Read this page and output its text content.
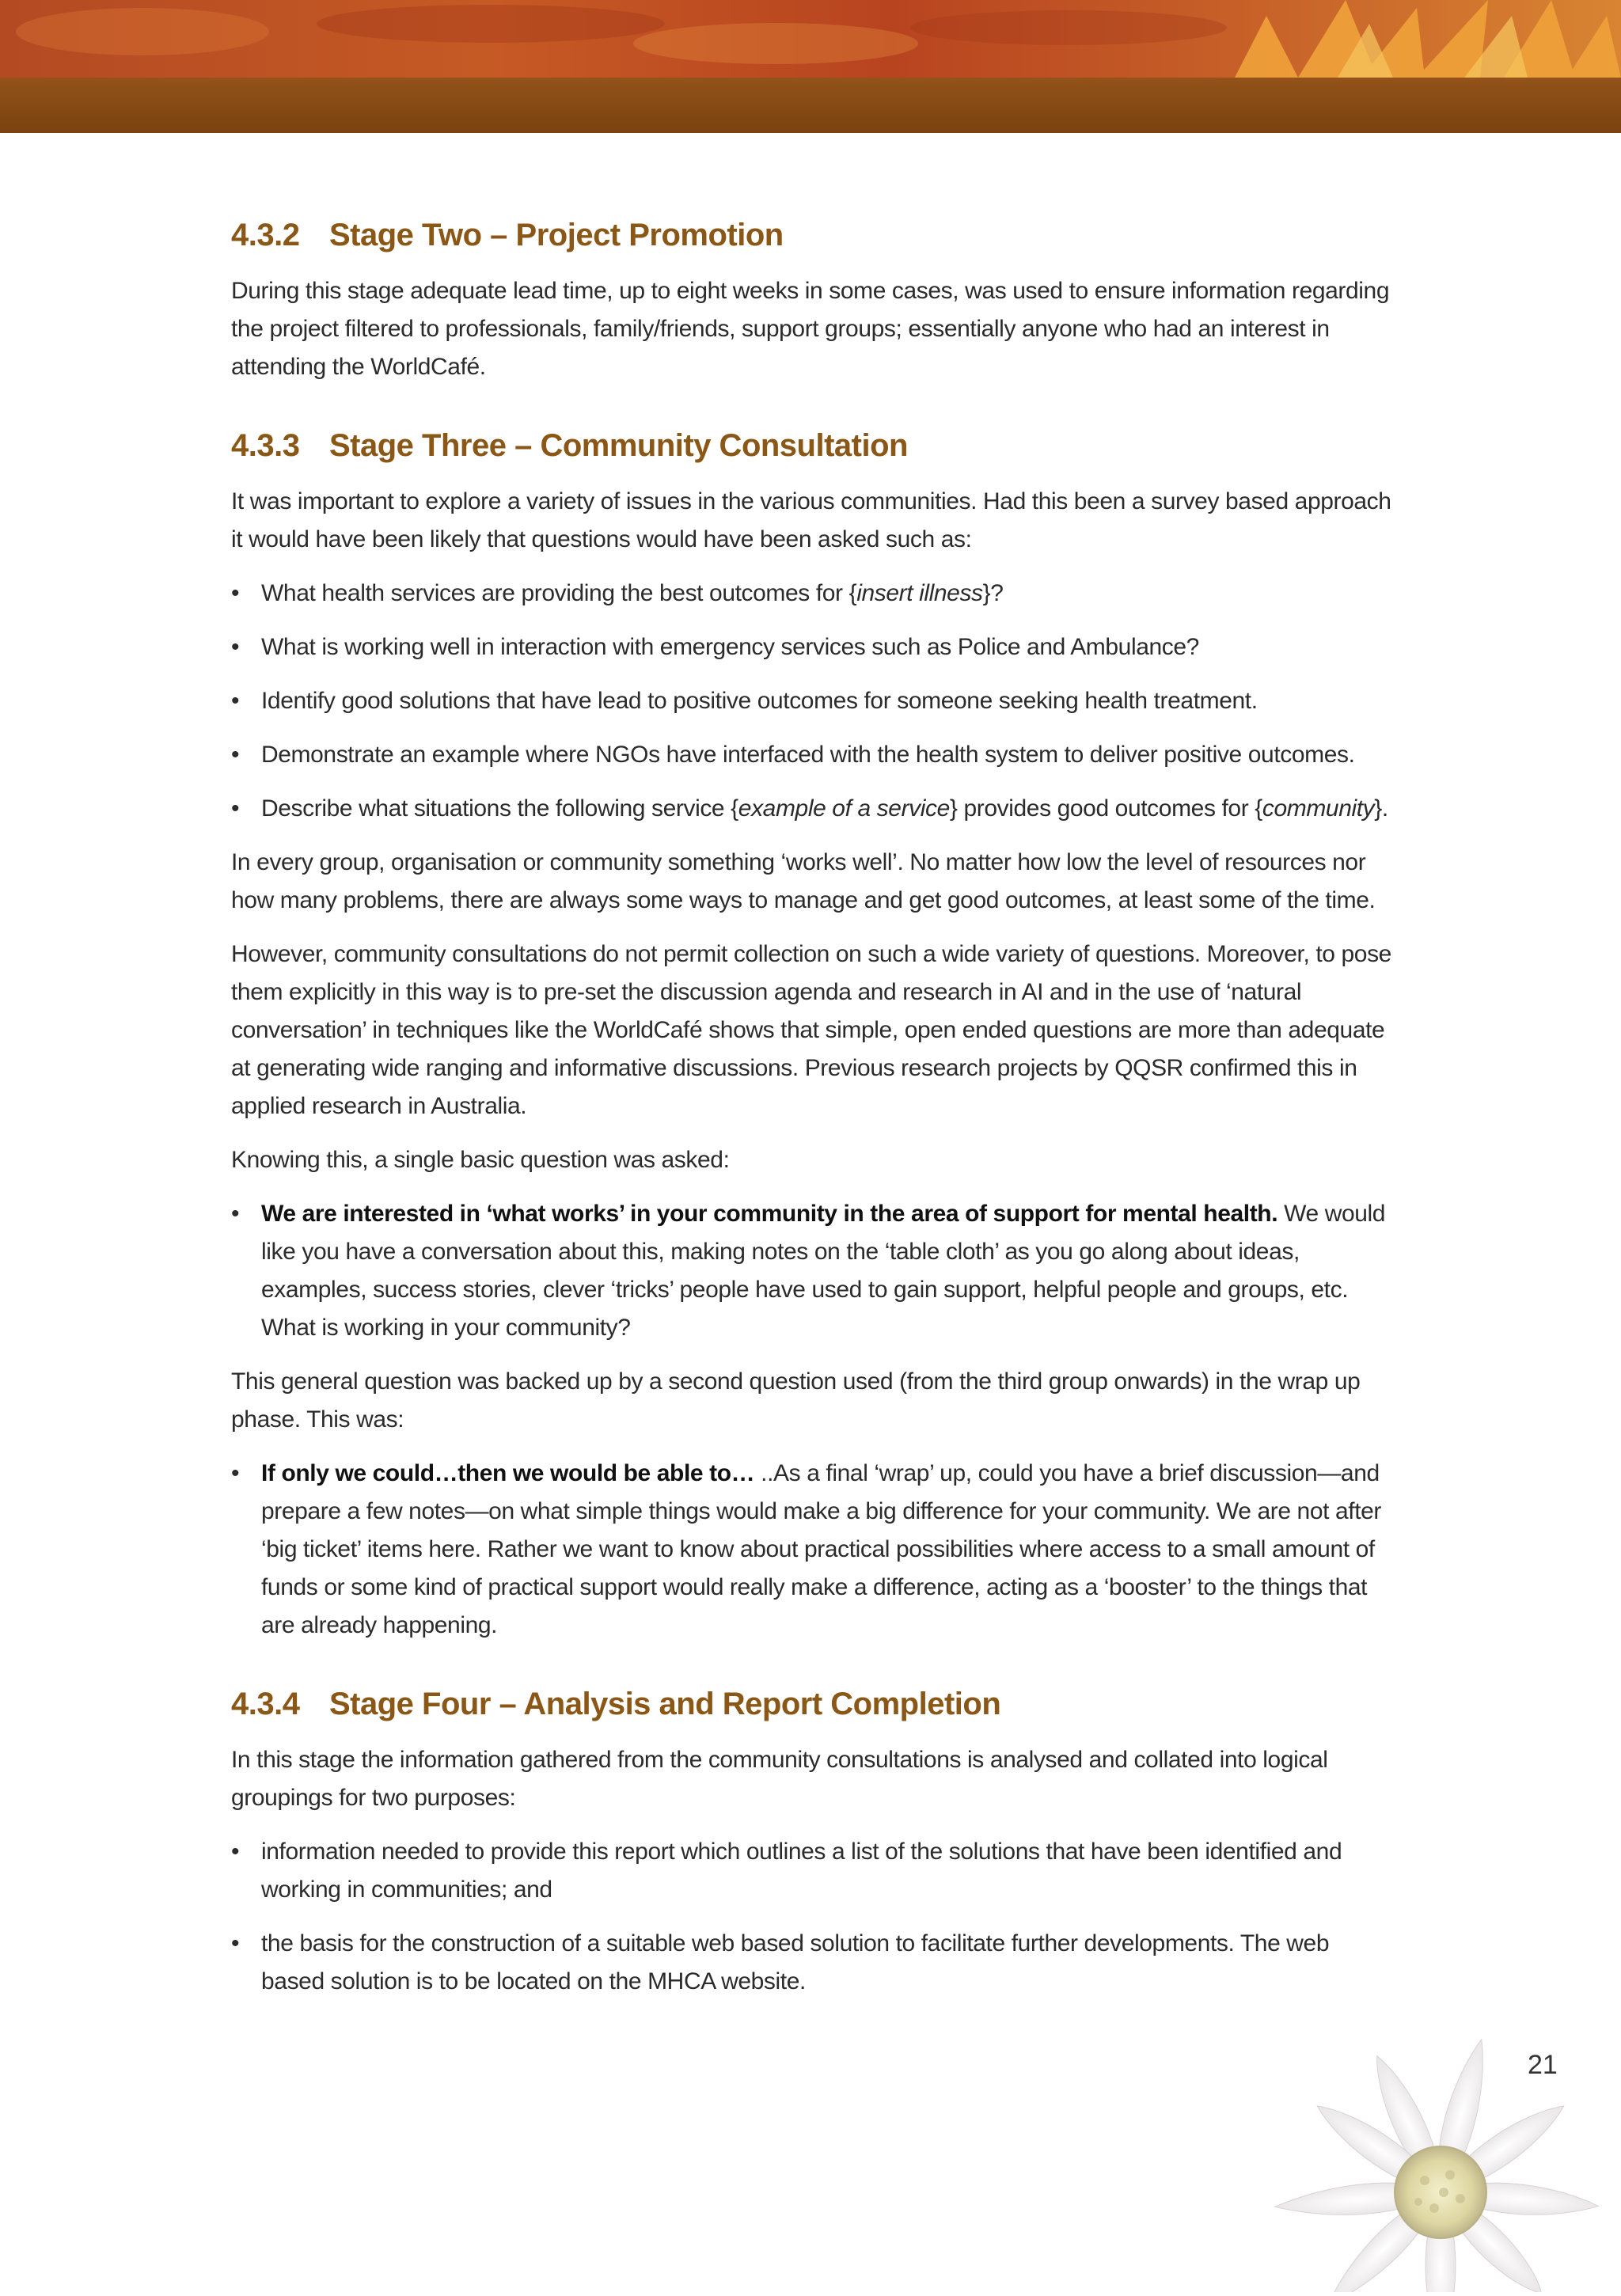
4.3.2 Stage Two – Project Promotion

During this stage adequate lead time, up to eight weeks in some cases, was used to ensure information regarding the project filtered to professionals, family/friends, support groups; essentially anyone who had an interest in attending the WorldCafé.

4.3.3 Stage Three – Community Consultation

It was important to explore a variety of issues in the various communities. Had this been a survey based approach it would have been likely that questions would have been asked such as:

• What health services are providing the best outcomes for {insert illness}?
• What is working well in interaction with emergency services such as Police and Ambulance?
• Identify good solutions that have lead to positive outcomes for someone seeking health treatment.
• Demonstrate an example where NGOs have interfaced with the health system to deliver positive outcomes.
• Describe what situations the following service {example of a service} provides good outcomes for {community}.

In every group, organisation or community something ‘works well’. No matter how low the level of resources nor how many problems, there are always some ways to manage and get good outcomes, at least some of the time.

However, community consultations do not permit collection on such a wide variety of questions. Moreover, to pose them explicitly in this way is to pre-set the discussion agenda and research in AI and in the use of ‘natural conversation’ in techniques like the WorldCafé shows that simple, open ended questions are more than adequate at generating wide ranging and informative discussions. Previous research projects by QQSR confirmed this in applied research in Australia.

Knowing this, a single basic question was asked:

• We are interested in ‘what works’ in your community in the area of support for mental health. We would like you have a conversation about this, making notes on the ‘table cloth’ as you go along about ideas, examples, success stories, clever ‘tricks’ people have used to gain support, helpful people and groups, etc. What is working in your community?

This general question was backed up by a second question used (from the third group onwards) in the wrap up phase. This was:

• If only we could…then we would be able to… ..As a final ‘wrap’ up, could you have a brief discussion—and prepare a few notes—on what simple things would make a big difference for your community. We are not after ‘big ticket’ items here. Rather we want to know about practical possibilities where access to a small amount of funds or some kind of practical support would really make a difference, acting as a ‘booster’ to the things that are already happening.
4.3.4 Stage Four – Analysis and Report Completion

In this stage the information gathered from the community consultations is analysed and collated into logical groupings for two purposes:

• information needed to provide this report which outlines a list of the solutions that have been identified and working in communities; and
• the basis for the construction of a suitable web based solution to facilitate further developments. The web based solution is to be located on the MHCA website.
21
